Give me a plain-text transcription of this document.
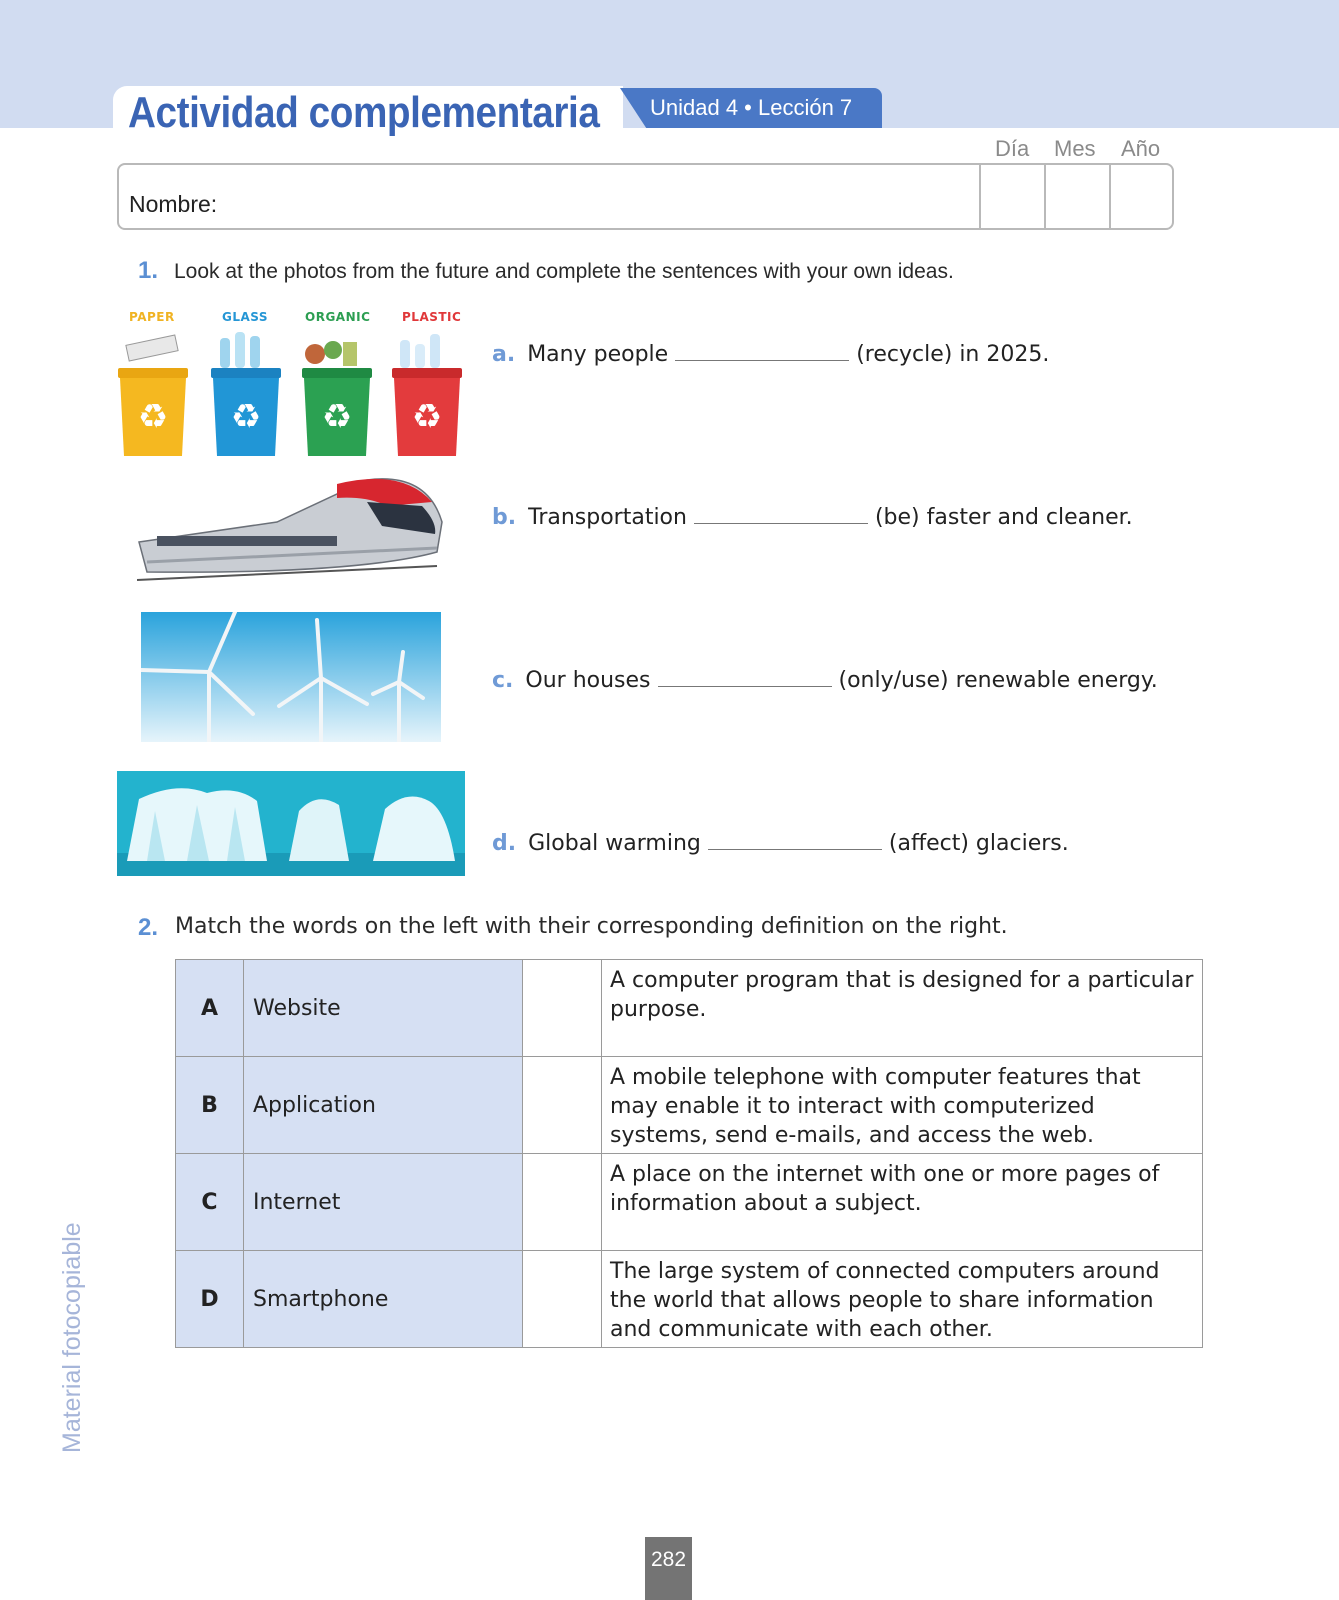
Actividad complementaria Unidad 4 • Lección 7
Día Mes Año
Nombre:
1. Look at the photos from the future and complete the sentences with your own ideas.
PAPER	GLASS	ORGANIC	PLASTIC
♻ ♻ ♻ ♻
a. Many people	(recycle) in 2025.
b. Transportation	(be) faster and cleaner.
c. Our houses	(only/use) renewable energy.
d. Global warming	(affect) glaciers.
2. Match the words on the left with their corresponding definition on the right.
A	Website		A computer program that is designed for a particular purpose.
B	Application		A mobile telephone with computer features that may enable it to interact with computerized systems, send e-mails, and access the web.
C	Internet		A place on the internet with one or more pages of information about a subject.
D	Smartphone		The large system of connected computers around the world that allows people to share information and communicate with each other.
Material fotocopiable
282
